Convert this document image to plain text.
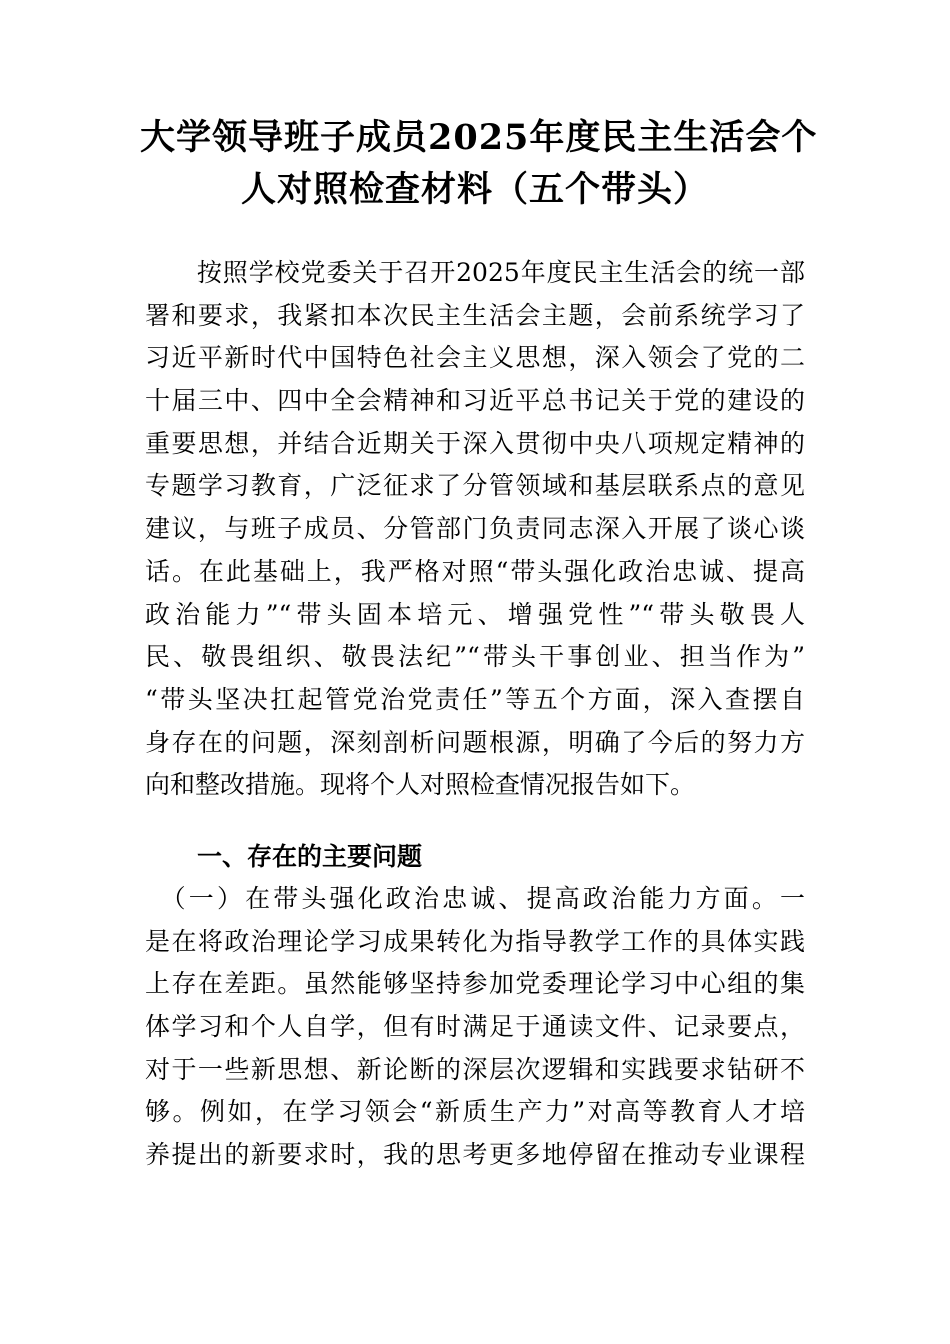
大学领导班子成员2025年度民主生活会个
人对照检查材料（五个带头）
　　按照学校党委关于召开2025年度民主生活会的统一部
署和要求，我紧扣本次民主生活会主题，会前系统学习了
习近平新时代中国特色社会主义思想，深入领会了党的二
十届三中、四中全会精神和习近平总书记关于党的建设的
重要思想，并结合近期关于深入贯彻中央八项规定精神的
专题学习教育，广泛征求了分管领域和基层联系点的意见
建议，与班子成员、分管部门负责同志深入开展了谈心谈
话。在此基础上，我严格对照“带头强化政治忠诚、提高
政治能力”“带头固本培元、增强党性”“带头敬畏人
民、敬畏组织、敬畏法纪”“带头干事创业、担当作为”
“带头坚决扛起管党治党责任”等五个方面，深入查摆自
身存在的问题，深刻剖析问题根源，明确了今后的努力方
向和整改措施。现将个人对照检查情况报告如下。
一、存在的主要问题
　（一）在带头强化政治忠诚、提高政治能力方面。一
是在将政治理论学习成果转化为指导教学工作的具体实践
上存在差距。虽然能够坚持参加党委理论学习中心组的集
体学习和个人自学，但有时满足于通读文件、记录要点，
对于一些新思想、新论断的深层次逻辑和实践要求钻研不
够。例如，在学习领会“新质生产力”对高等教育人才培
养提出的新要求时，我的思考更多地停留在推动专业课程
